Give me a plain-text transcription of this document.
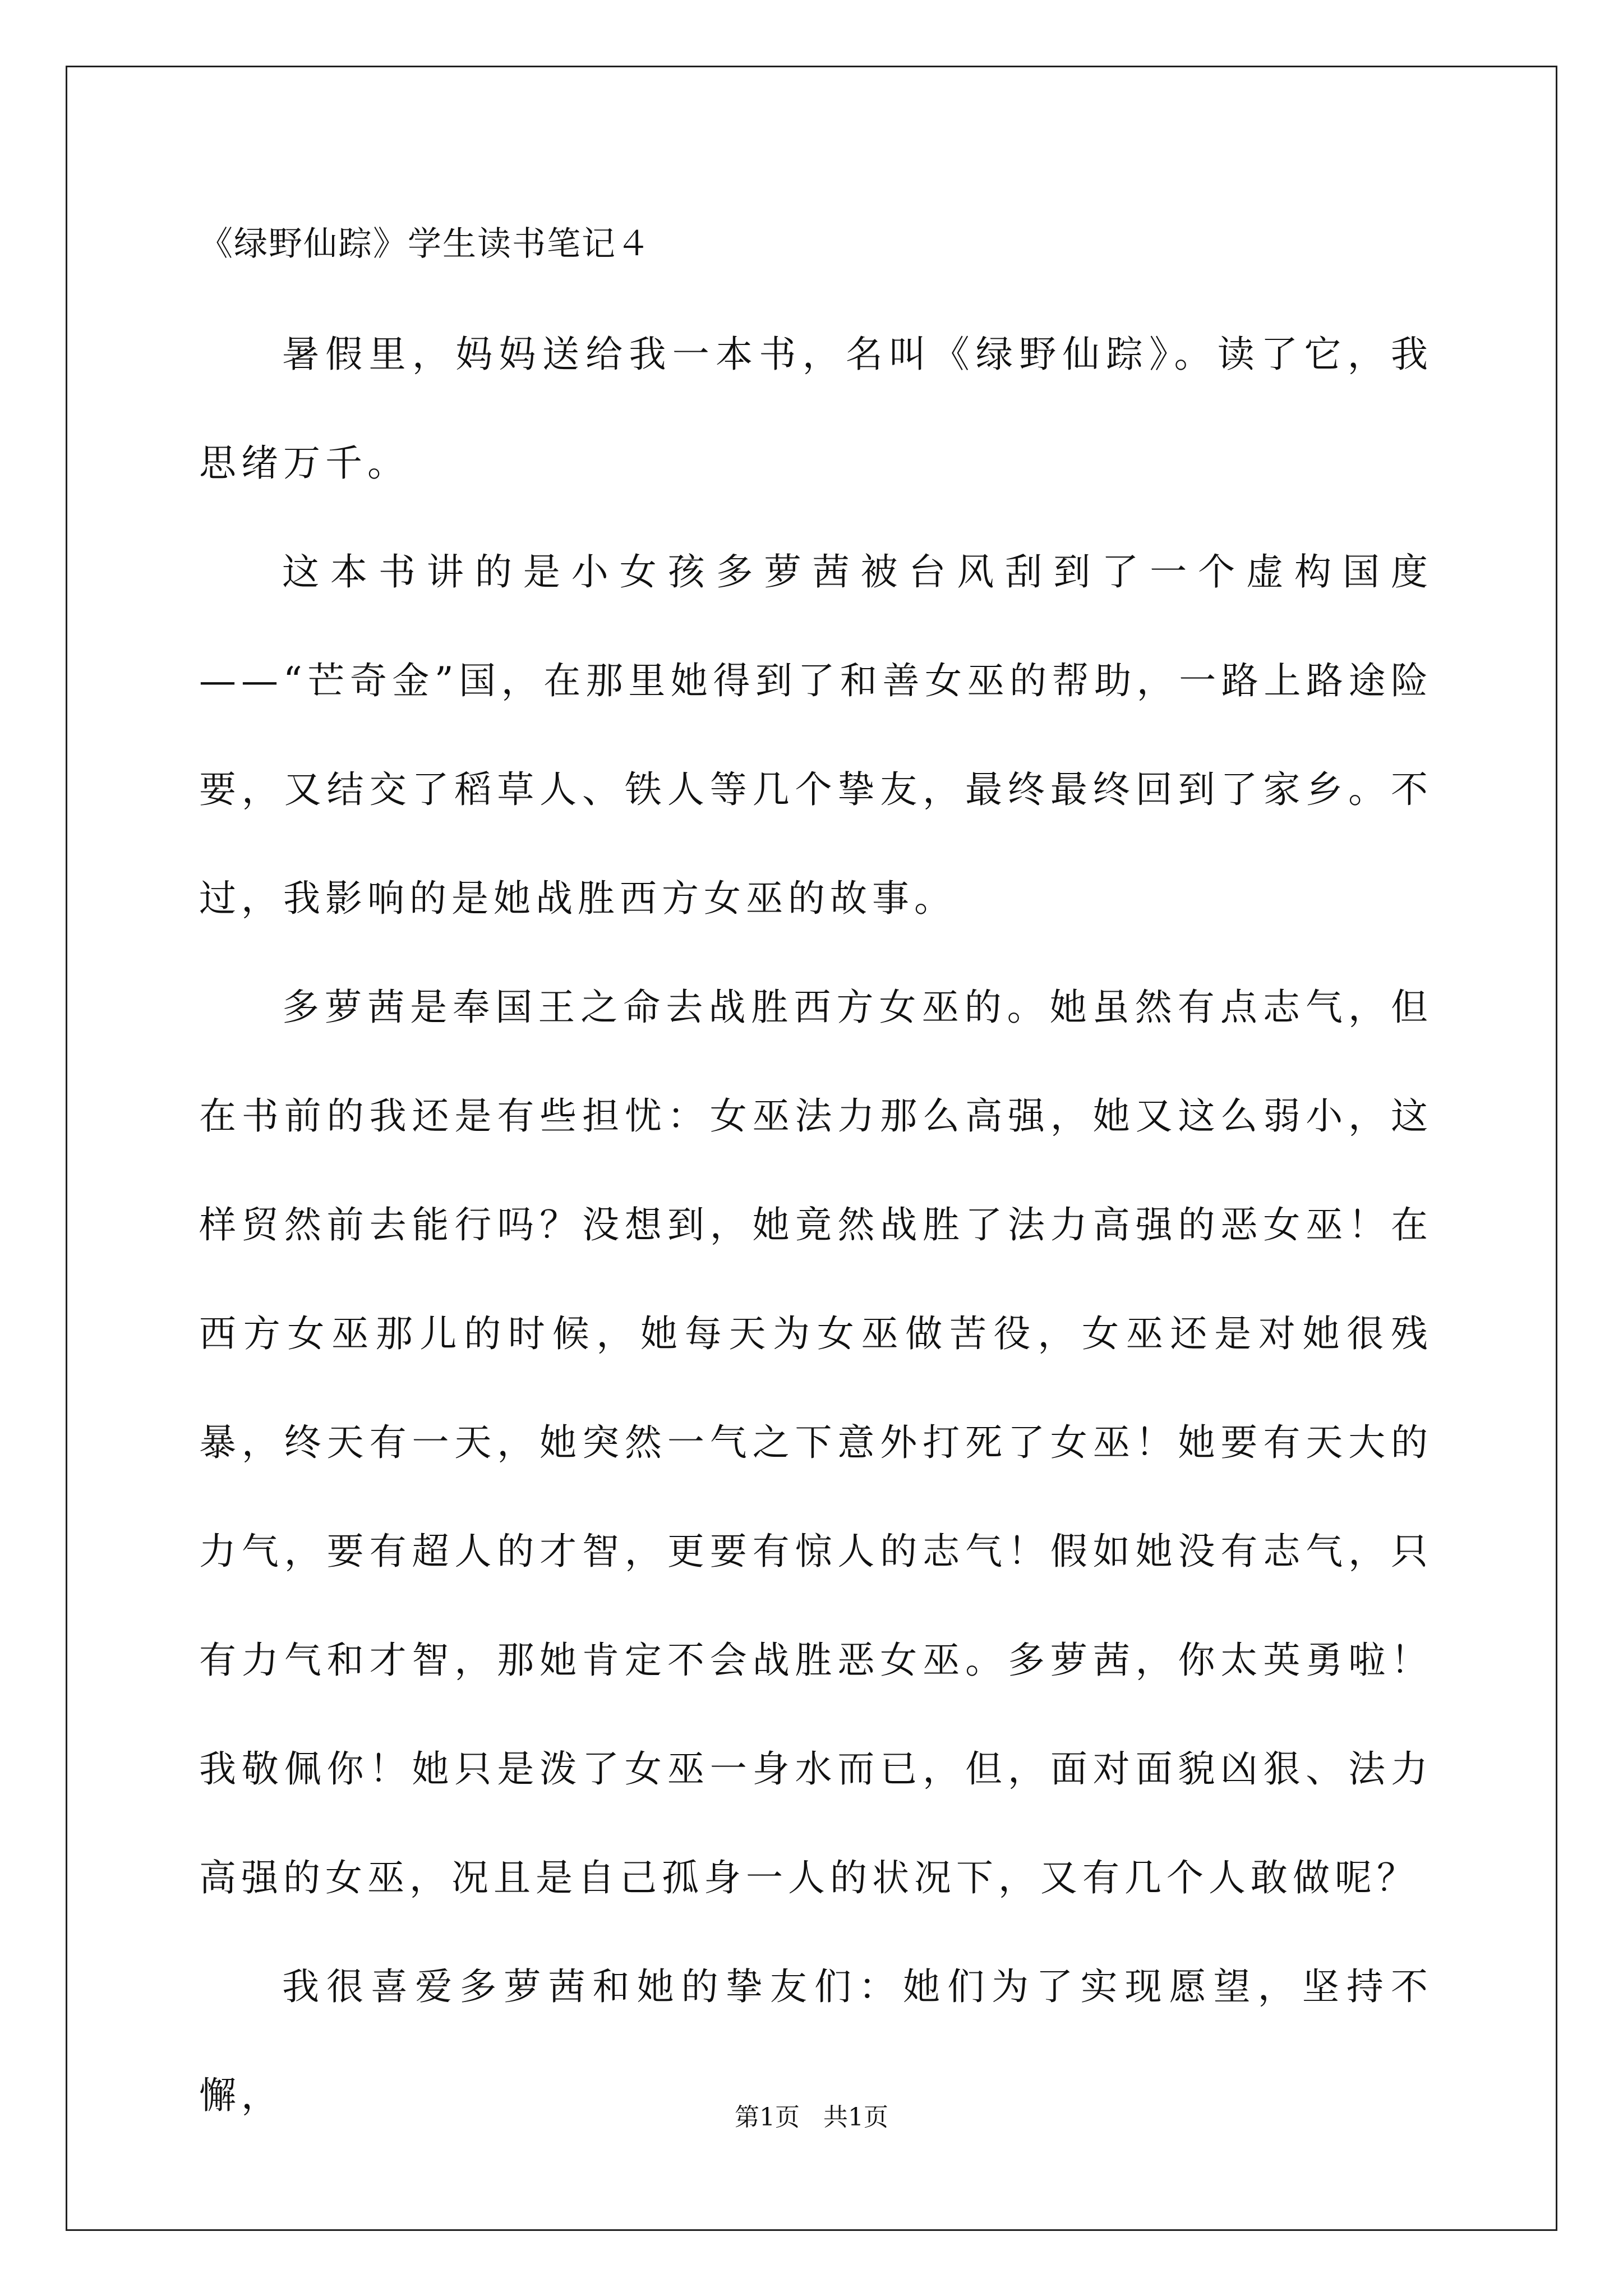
《绿野仙踪》学生读书笔记４

暑假里，妈妈送给我一本书，名叫《绿野仙踪》。读了它，我思绪万千。

这本书讲的是小女孩多萝茜被台风刮到了一个虚构国度——“芒奇金”国，在那里她得到了和善女巫的帮助，一路上路途险要，又结交了稻草人、铁人等几个挚友，最终最终回到了家乡。不过，我影响的是她战胜西方女巫的故事。

多萝茜是奉国王之命去战胜西方女巫的。她虽然有点志气，但在书前的我还是有些担忧：女巫法力那么高强，她又这么弱小，这样贸然前去能行吗？没想到，她竟然战胜了法力高强的恶女巫！在西方女巫那儿的时候，她每天为女巫做苦役，女巫还是对她很残暴，终天有一天，她突然一气之下意外打死了女巫！她要有天大的力气，要有超人的才智，更要有惊人的志气！假如她没有志气，只有力气和才智，那她肯定不会战胜恶女巫。多萝茜，你太英勇啦！我敬佩你！她只是泼了女巫一身水而已，但，面对面貌凶狠、法力高强的女巫，况且是自己孤身一人的状况下，又有几个人敢做呢？

我很喜爱多萝茜和她的挚友们：她们为了实现愿望，坚持不懈，

第1页   共1页
